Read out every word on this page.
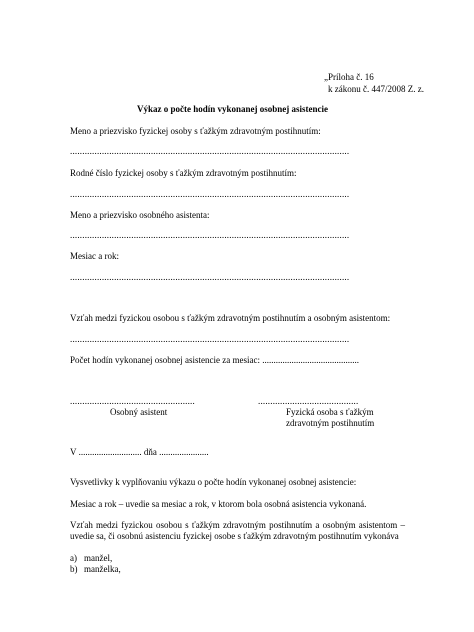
„Príloha č. 16
k zákonu č. 447/2008 Z. z.
Výkaz o počte hodín vykonanej osobnej asistencie
Meno a priezvisko fyzickej osoby s ťažkým zdravotným postihnutím:
..................................................................................................................
Rodné číslo fyzickej osoby s ťažkým zdravotným postihnutím:
..................................................................................................................
Meno a priezvisko osobného asistenta:
..................................................................................................................
Mesiac a rok:
..................................................................................................................
Vzťah medzi fyzickou osobou s ťažkým zdravotným postihnutím a osobným asistentom:
..................................................................................................................
Počet hodín vykonanej osobnej asistencie za mesiac: ...........................................
...................................................	.........................................
Osobný asistent	Fyzická osoba s ťažkým
zdravotným postihnutím
V ............................ dňa ......................
Vysvetlivky k vyplňovaniu výkazu o počte hodín vykonanej osobnej asistencie:
Mesiac a rok – uvedie sa mesiac a rok, v ktorom bola osobná asistencia vykonaná.
Vzťah medzi fyzickou osobou s ťažkým zdravotným postihnutím a osobným asistentom – uvedie sa, či osobnú asistenciu fyzickej osobe s ťažkým zdravotným postihnutím vykonáva
a) manžel,
b) manželka,
